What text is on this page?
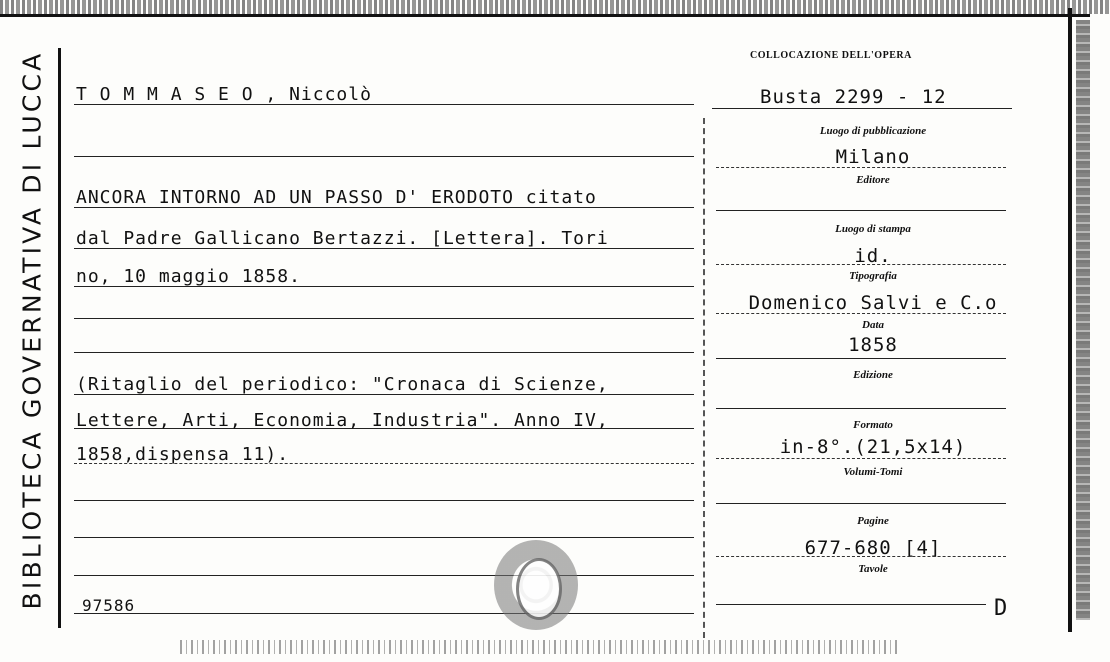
BIBLIOTECA GOVERNATIVA DI LUCCA T O M M A S E O , Niccolò
ANCORA INTORNO AD UN PASSO D' ERODOTO citato
dal Padre Gallicano Bertazzi. [Lettera]. Tori
no, 10 maggio 1858.
(Ritaglio del periodico: "Cronaca di Scienze,
Lettere, Arti, Economia, Industria". Anno IV,
1858,dispensa 11).
97586
COLLOCAZIONE DELL'OPERA
Busta 2299 - 12
Luogo di pubblicazione
Milano
Editore
Luogo di stampa
id.
Tipografia
Domenico Salvi e C.o
Data
1858
Edizione
Formato
in-8°.(21,5x14)
Volumi-Tomi
Pagine
677-680 [4]
Tavole
D
